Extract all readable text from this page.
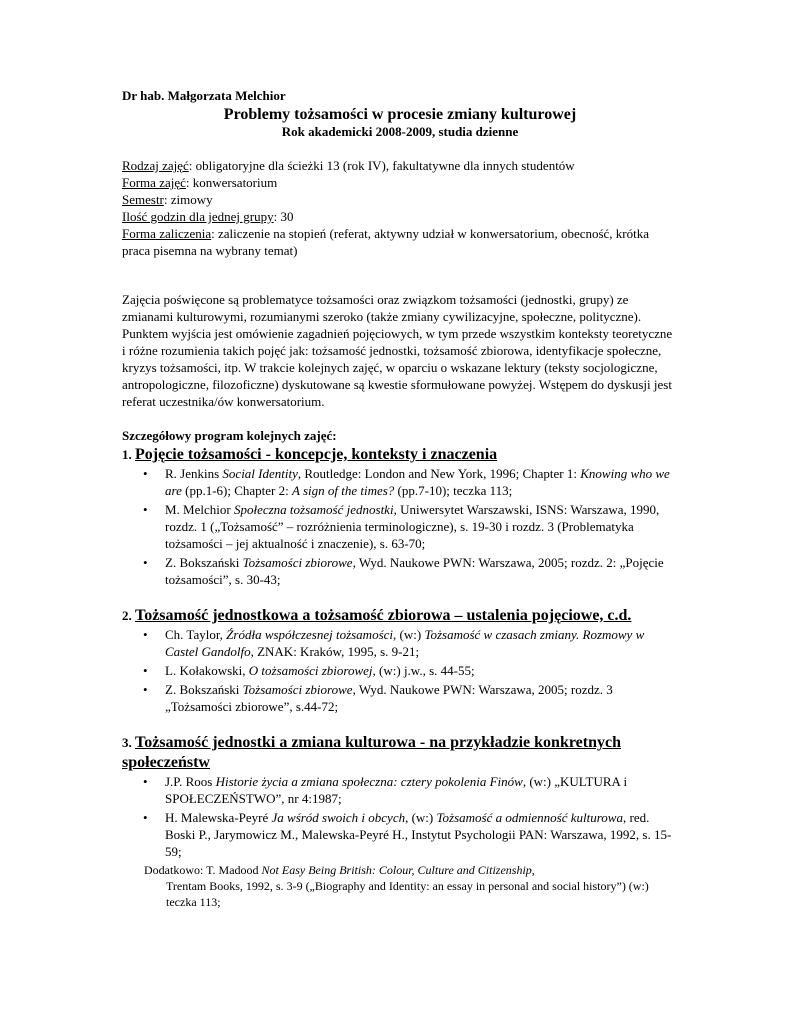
Dr hab. Małgorzata Melchior
Problemy tożsamości w procesie zmiany kulturowej
Rok akademicki 2008-2009, studia dzienne
Rodzaj zajęć: obligatoryjne dla ścieżki 13 (rok IV), fakultatywne dla innych studentów
Forma zajęć: konwersatorium
Semestr: zimowy
Ilość godzin dla jednej grupy: 30
Forma zaliczenia: zaliczenie na stopień (referat, aktywny udział w konwersatorium, obecność, krótka praca pisemna na wybrany temat)
Zajęcia poświęcone są problematyce tożsamości oraz związkom tożsamości (jednostki, grupy) ze zmianami kulturowymi, rozumianymi szeroko (także zmiany cywilizacyjne, społeczne, polityczne). Punktem wyjścia jest omówienie zagadnień pojęciowych, w tym przede wszystkim konteksty teoretyczne i różne rozumienia takich pojęć jak: tożsamość jednostki, tożsamość zbiorowa, identyfikacje społeczne, kryzys tożsamości, itp. W trakcie kolejnych zajęć, w oparciu o wskazane lektury (teksty socjologiczne, antropologiczne, filozoficzne) dyskutowane są kwestie sformułowane powyżej. Wstępem do dyskusji jest referat uczestnika/ów konwersatorium.
Szczegółowy program kolejnych zajęć:
1. Pojęcie tożsamości - koncepcje, konteksty i znaczenia
• R. Jenkins Social Identity, Routledge: London and New York, 1996; Chapter 1: Knowing who we are (pp.1-6); Chapter 2: A sign of the times? (pp.7-10); teczka 113;
• M. Melchior Społeczna tożsamość jednostki, Uniwersytet Warszawski, ISNS: Warszawa, 1990, rozdz. 1 („Tożsamość” – rozróżnienia terminologiczne), s. 19-30 i rozdz. 3 (Problematyka tożsamości – jej aktualność i znaczenie), s. 63-70;
• Z. Bokszański Tożsamości zbiorowe, Wyd. Naukowe PWN: Warszawa, 2005; rozdz. 2: „Pojęcie tożsamości”, s. 30-43;
2. Tożsamość jednostkowa a tożsamość zbiorowa – ustalenia pojęciowe, c.d.
• Ch. Taylor, Źródła współczesnej tożsamości, (w:) Tożsamość w czasach zmiany. Rozmowy w Castel Gandolfo, ZNAK: Kraków, 1995, s. 9-21;
• L. Kołakowski, O tożsamości zbiorowej, (w:) j.w., s. 44-55;
• Z. Bokszański Tożsamości zbiorowe, Wyd. Naukowe PWN: Warszawa, 2005; rozdz. 3 „Tożsamości zbiorowe”, s.44-72;
3. Tożsamość jednostki a zmiana kulturowa - na przykładzie konkretnych społeczeństw
• J.P. Roos Historie życia a zmiana społeczna: cztery pokolenia Finów, (w:) „KULTURA i SPOŁECZEŃSTWO”, nr 4:1987;
• H. Malewska-Peyré Ja wśród swoich i obcych, (w:) Tożsamość a odmienność kulturowa, red. Boski P., Jarymowicz M., Malewska-Peyré H., Instytut Psychologii PAN: Warszawa, 1992, s. 15-59;
Dodatkowo: T. Madood Not Easy Being British: Colour, Culture and Citizenship,
Trentam Books, 1992, s. 3-9 („Biography and Identity: an essay in personal and social history”) (w:) teczka 113;
